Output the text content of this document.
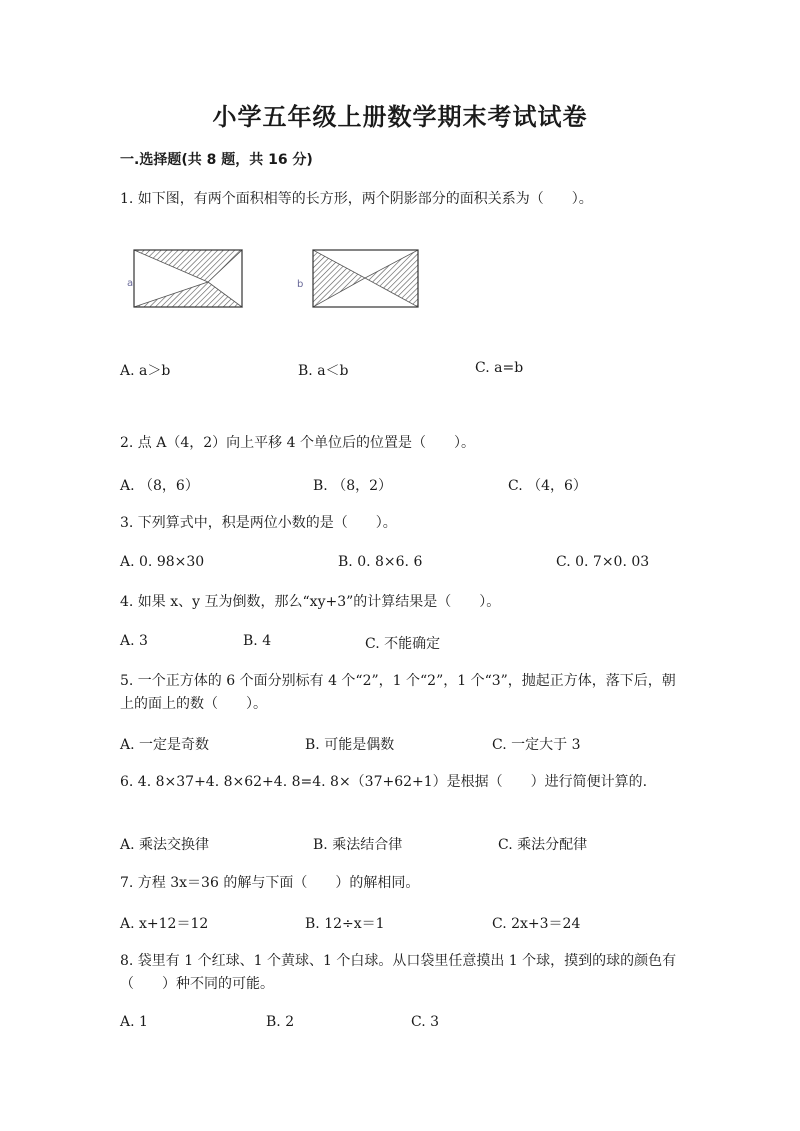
小学五年级上册数学期末考试试卷
一.选择题(共 8 题，共 16 分)
1. 如下图，有两个面积相等的长方形，两个阴影部分的面积关系为（　　）。
a	b
A. a＞b	B. a＜b	C. a=b
2. 点 A（4，2）向上平移 4 个单位后的位置是（　　）。
A. （8，6）	B. （8，2）	C. （4，6）
3. 下列算式中，积是两位小数的是（　　）。
A. 0. 98×30	B. 0. 8×6. 6	C. 0. 7×0. 03
4. 如果 x、y 互为倒数，那么“xy+3”的计算结果是（　　）。
A. 3	B. 4	C. 不能确定
5. 一个正方体的 6 个面分别标有 4 个“2”，1 个“2”，1 个“3”，抛起正方体，落下后，朝上的面上的数（　　）。
A. 一定是奇数	B. 可能是偶数	C. 一定大于 3
6. 4. 8×37+4. 8×62+4. 8=4. 8×（37+62+1）是根据（　　）进行简便计算的.
A. 乘法交换律	B. 乘法结合律	C. 乘法分配律
7. 方程 3x＝36 的解与下面（　　）的解相同。
A. x+12＝12	B. 12÷x＝1	C. 2x+3＝24
8. 袋里有 1 个红球、1 个黄球、1 个白球。从口袋里任意摸出 1 个球，摸到的球的颜色有（　　）种不同的可能。
A. 1	B. 2	C. 3
